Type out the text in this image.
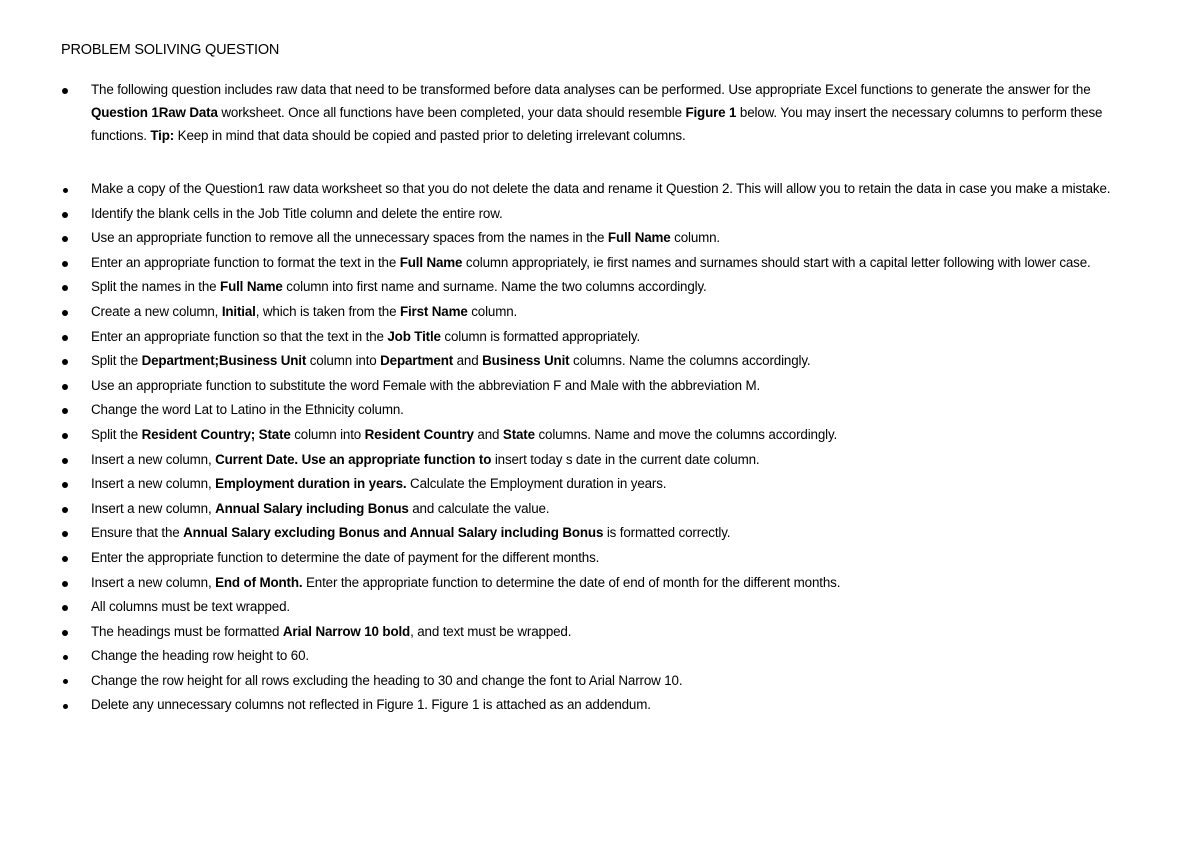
PROBLEM SOLIVING QUESTION
The following question includes raw data that need to be transformed before data analyses can be performed. Use appropriate Excel functions to generate the answer for the Question 1Raw Data worksheet. Once all functions have been completed, your data should resemble Figure 1 below. You may insert the necessary columns to perform these functions. Tip: Keep in mind that data should be copied and pasted prior to deleting irrelevant columns.
Make a copy of the Question1 raw data worksheet so that you do not delete the data and rename it Question 2. This will allow you to retain the data in case you make a mistake.
Identify the blank cells in the Job Title column and delete the entire row.
Use an appropriate function to remove all the unnecessary spaces from the names in the Full Name column.
Enter an appropriate function to format the text in the Full Name column appropriately, ie first names and surnames should start with a capital letter following with lower case.
Split the names in the Full Name column into first name and surname. Name the two columns accordingly.
Create a new column, Initial, which is taken from the First Name column.
Enter an appropriate function so that the text in the Job Title column is formatted appropriately.
Split the Department;Business Unit column into Department and Business Unit columns. Name the columns accordingly.
Use an appropriate function to substitute the word Female with the abbreviation F and Male with the abbreviation M.
Change the word Lat to Latino in the Ethnicity column.
Split the Resident Country; State column into Resident Country and State columns. Name and move the columns accordingly.
Insert a new column, Current Date. Use an appropriate function to insert today s date in the current date column.
Insert a new column, Employment duration in years. Calculate the Employment duration in years.
Insert a new column, Annual Salary including Bonus and calculate the value.
Ensure that the Annual Salary excluding Bonus and Annual Salary including Bonus is formatted correctly.
Enter the appropriate function to determine the date of payment for the different months.
Insert a new column, End of Month. Enter the appropriate function to determine the date of end of month for the different months.
All columns must be text wrapped.
The headings must be formatted Arial Narrow 10 bold, and text must be wrapped.
Change the heading row height to 60.
Change the row height for all rows excluding the heading to 30 and change the font to Arial Narrow 10.
Delete any unnecessary columns not reflected in Figure 1. Figure 1 is attached as an addendum.
